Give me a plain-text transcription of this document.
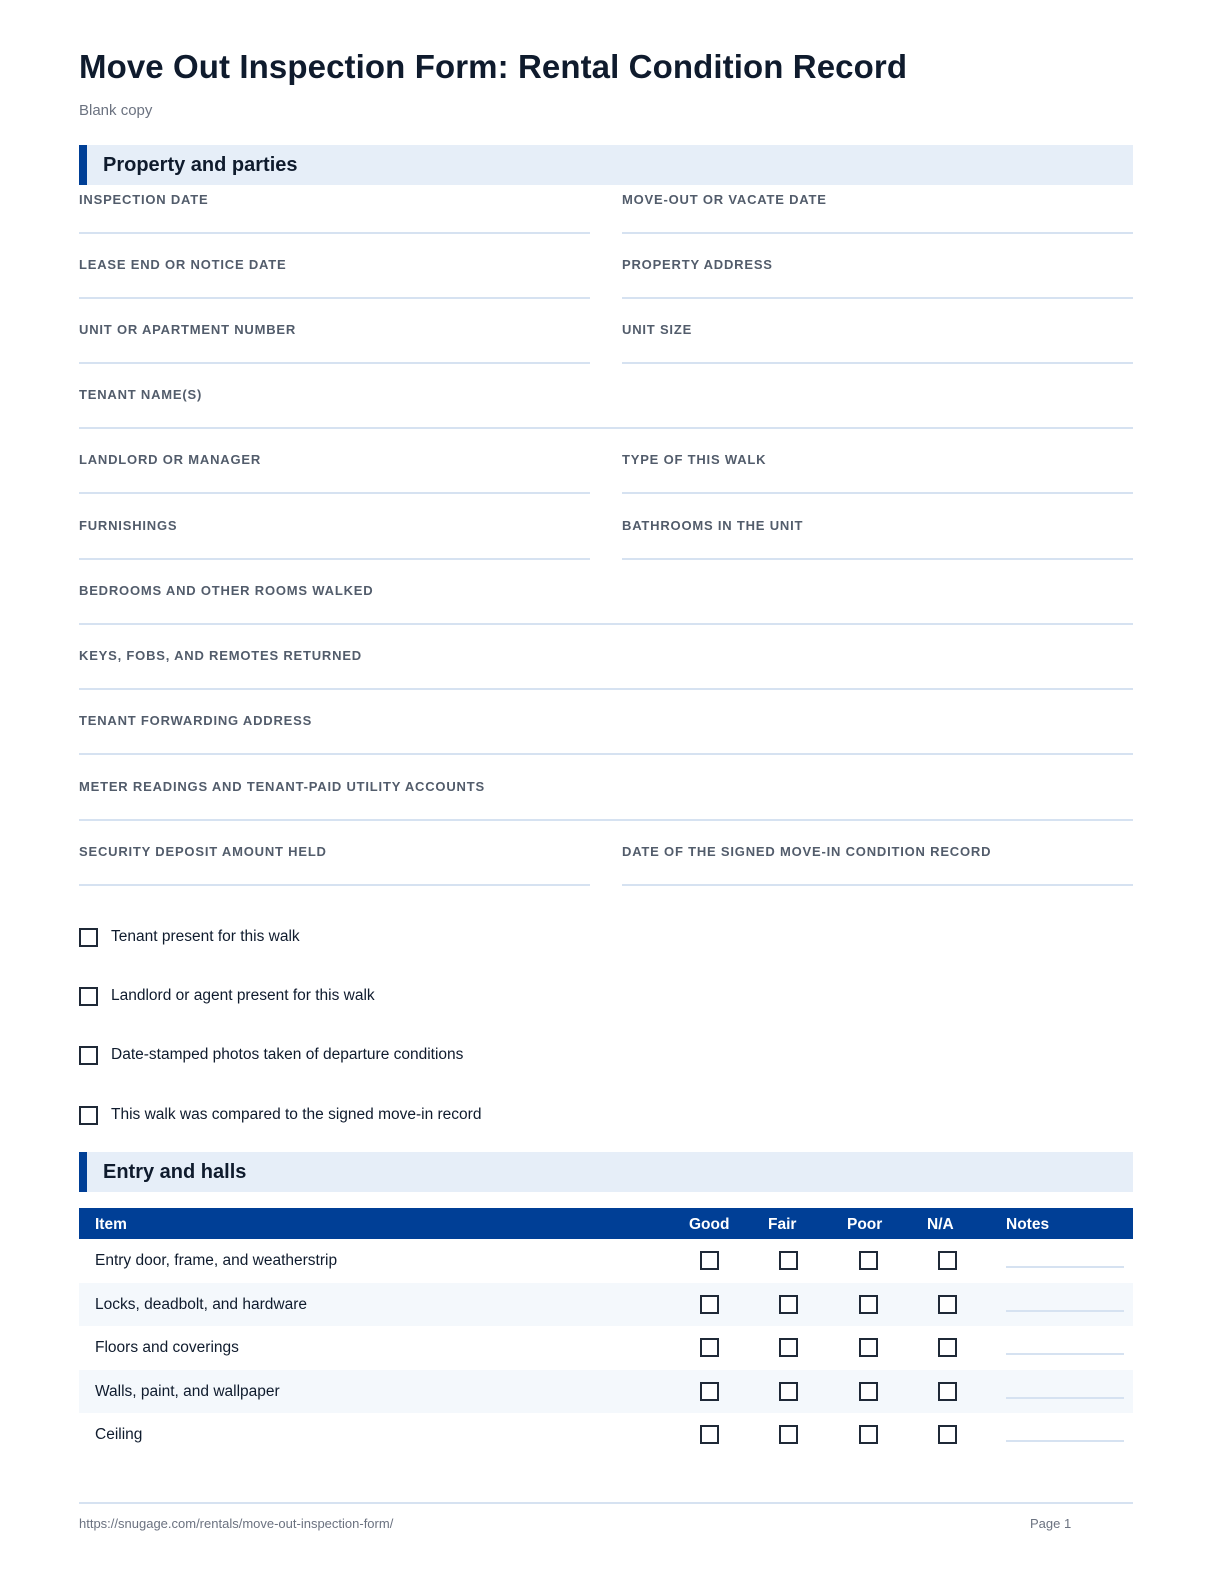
Move Out Inspection Form: Rental Condition Record
Blank copy
Property and parties
INSPECTION DATE	MOVE-OUT OR VACATE DATE
LEASE END OR NOTICE DATE	PROPERTY ADDRESS
UNIT OR APARTMENT NUMBER	UNIT SIZE
TENANT NAME(S)
LANDLORD OR MANAGER	TYPE OF THIS WALK
FURNISHINGS	BATHROOMS IN THE UNIT
BEDROOMS AND OTHER ROOMS WALKED
KEYS, FOBS, AND REMOTES RETURNED
TENANT FORWARDING ADDRESS
METER READINGS AND TENANT-PAID UTILITY ACCOUNTS
SECURITY DEPOSIT AMOUNT HELD	DATE OF THE SIGNED MOVE-IN CONDITION RECORD
Tenant present for this walk
Landlord or agent present for this walk
Date-stamped photos taken of departure conditions
This walk was compared to the signed move-in record
Entry and halls
Item	Good Fair	Poor	N/A	Notes
Entry door, frame, and weatherstrip
Locks, deadbolt, and hardware
Floors and coverings
Walls, paint, and wallpaper
Ceiling
https://snugage.com/rentals/move-out-inspection-form/	Page 1
